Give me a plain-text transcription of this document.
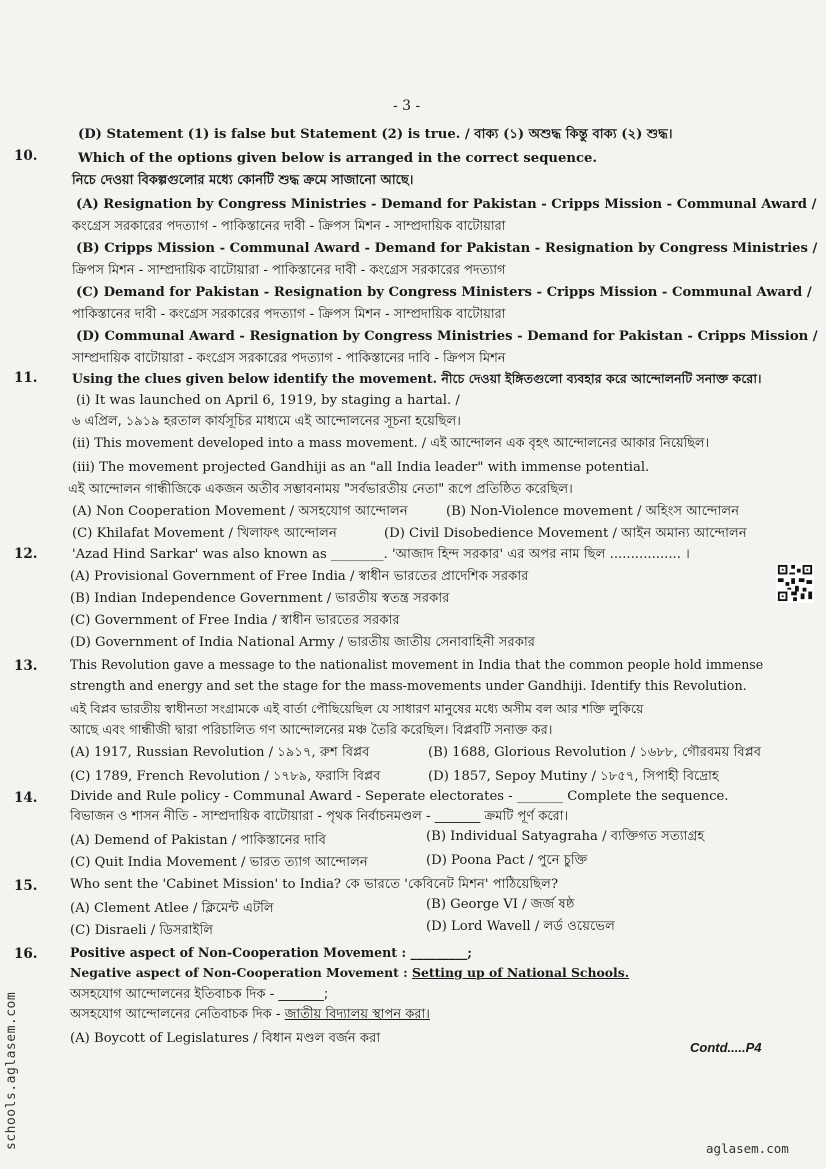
- 3 -
(D) Statement (1) is false but Statement (2) is true. / বাক্য (১) অশুদ্ধ কিন্তু বাক্য (২) শুদ্ধ।
10.	Which of the options given below is arranged in the correct sequence.
নিচে দেওয়া বিকল্পগুলোর মধ্যে কোনটি শুদ্ধ ক্রমে সাজানো আছে।
(A) Resignation by Congress Ministries - Demand for Pakistan - Cripps Mission - Communal Award /
কংগ্রেস সরকারের পদত্যাগ - পাকিস্তানের দাবী - ক্রিপস মিশন - সাম্প্রদায়িক বাটোয়ারা
(B) Cripps Mission - Communal Award - Demand for Pakistan - Resignation by Congress Ministries /
ক্রিপস মিশন - সাম্প্রদায়িক বাটোয়ারা - পাকিস্তানের দাবী - কংগ্রেস সরকারের পদত্যাগ
(C) Demand for Pakistan - Resignation by Congress Ministers - Cripps Mission - Communal Award /
পাকিস্তানের দাবী - কংগ্রেস সরকারের পদত্যাগ - ক্রিপস মিশন - সাম্প্রদায়িক বাটোয়ারা
(D) Communal Award - Resignation by Congress Ministries - Demand for Pakistan - Cripps Mission /
সাম্প্রদায়িক বাটোয়ারা - কংগ্রেস সরকারের পদত্যাগ - পাকিস্তানের দাবি - ক্রিপস মিশন
11.	Using the clues given below identify the movement. নীচে দেওয়া ইঙ্গিতগুলো ব্যবহার করে আন্দোলনটি সনাক্ত করো।
(i) It was launched on April 6, 1919, by staging a hartal. /
৬ এপ্রিল, ১৯১৯ হরতাল কার্যসূচির মাধ্যমে এই আন্দোলনের সূচনা হয়েছিল।
(ii) This movement developed into a mass movement. / এই আন্দোলন এক বৃহৎ আন্দোলনের আকার নিয়েছিল।
(iii) The movement projected Gandhiji as an "all India leader" with immense potential.
এই আন্দোলন গান্ধীজিকে একজন অতীব সম্ভাবনাময় "সর্বভারতীয় নেতা" রূপে প্রতিষ্ঠিত করেছিল।
(A) Non Cooperation Movement / অসহযোগ আন্দোলন	(B) Non-Violence movement / অহিংস আন্দোলন
(C) Khilafat Movement / খিলাফৎ আন্দোলন	(D) Civil Disobedience Movement / আইন অমান্য আন্দোলন
12.	'Azad Hind Sarkar' was also known as ________. 'আজাদ হিন্দ সরকার' এর অপর নাম ছিল ................. ।
(A) Provisional Government of Free India / স্বাধীন ভারতের প্রাদেশিক সরকার
(B) Indian Independence Government / ভারতীয় স্বতন্ত্র সরকার
(C) Government of Free India / স্বাধীন ভারতের সরকার
(D) Government of India National Army / ভারতীয় জাতীয় সেনাবাহিনী সরকার
13.	This Revolution gave a message to the nationalist movement in India that the common people hold immense
strength and energy and set the stage for the mass-movements under Gandhiji. Identify this Revolution.
এই বিপ্লব ভারতীয় স্বাধীনতা সংগ্রামকে এই বার্তা পৌছিয়েছিল যে সাধারণ মানুষের মধ্যে অসীম বল আর শক্তি লুকিয়ে
আছে এবং গান্ধীজী দ্বারা পরিচালিত গণ আন্দোলনের মঞ্চ তৈরি করেছিল। বিপ্লবটি সনাক্ত কর।
(A) 1917, Russian Revolution / ১৯১৭, রুশ বিপ্লব	(B) 1688, Glorious Revolution / ১৬৮৮, গৌরবময় বিপ্লব
(C) 1789, French Revolution / ১৭৮৯, ফরাসি বিপ্লব	(D) 1857, Sepoy Mutiny / ১৮৫৭, সিপাহী বিদ্রোহ
14. Divide and Rule policy - Communal Award - Seperate electorates - _______ Complete the sequence.
বিভাজন ও শাসন নীতি - সাম্প্রদায়িক বাটোয়ারা - পৃথক নির্বাচনমণ্ডল - _______ ক্রমটি পূর্ণ করো।
(A) Demend of Pakistan / পাকিস্তানের দাবি	(B) Individual Satyagraha / ব্যক্তিগত সত্যাগ্রহ
(C) Quit India Movement / ভারত ত্যাগ আন্দোলন	(D) Poona Pact / পুনে চুক্তি
15. Who sent the 'Cabinet Mission' to India? কে ভারতে 'কেবিনেট মিশন' পাঠিয়েছিল?
(A) Clement Atlee / ক্লিমেন্ট এটলি	(B) George VI / জর্জ ষষ্ঠ
(C) Disraeli / ডিসরাইলি	(D) Lord Wavell / লর্ড ওয়েভেল
16.	Positive aspect of Non-Cooperation Movement : _________;
Negative aspect of Non-Cooperation Movement : Setting up of National Schools.
অসহযোগ আন্দোলনের ইতিবাচক দিক - _______;
অসহযোগ আন্দোলনের নেতিবাচক দিক - জাতীয় বিদ্যালয় স্থাপন করা।
(A) Boycott of Legislatures / বিধান মণ্ডল বর্জন করা
Contd.....P4
schools.aglasem.com	aglasem.com
